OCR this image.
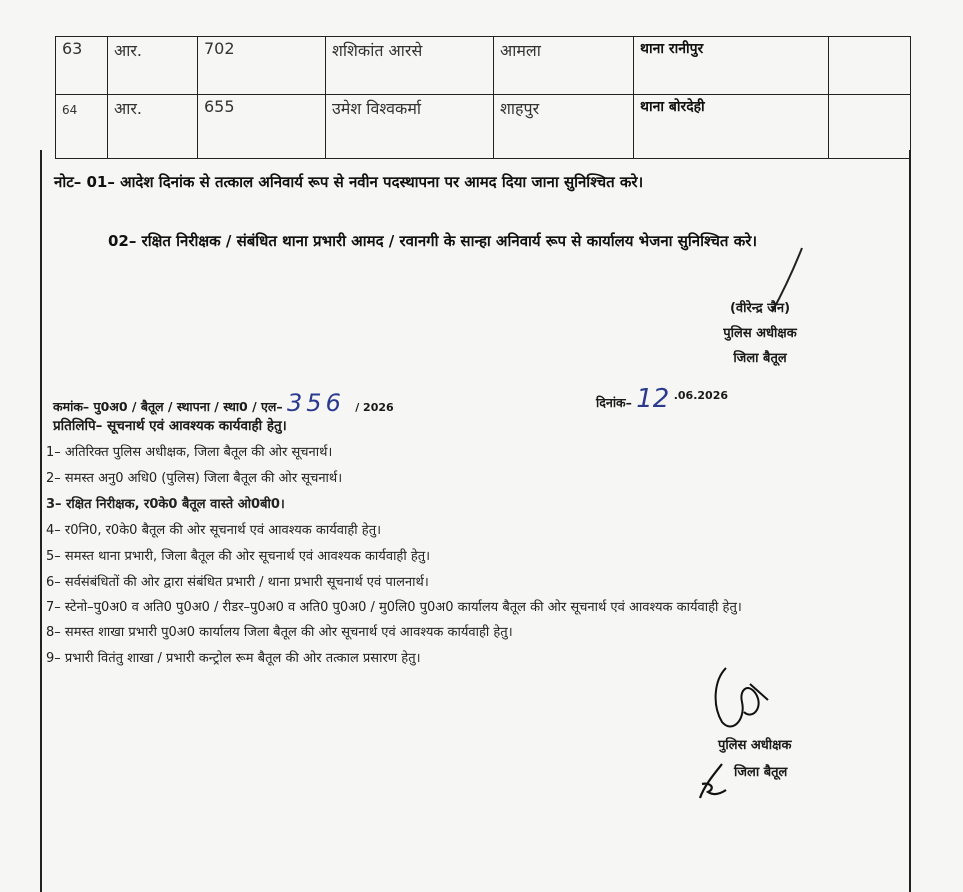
63	आर.	702	शशिकांत आरसे	आमला	थाना रानीपुर	
64	आर.	655	उमेश विश्वकर्मा	शाहपुर	थाना बोरदेही	
नोट– 01– आदेश दिनांक से तत्काल अनिवार्य रूप से नवीन पदस्थापना पर आमद दिया जाना सुनिश्चित करे।
02– रक्षित निरीक्षक / संबंधित थाना प्रभारी आमद / रवानगी के सान्हा अनिवार्य रूप से कार्यालय भेजना सुनिश्चित करे।
(वीरेन्द्र जैन)
पुलिस अधीक्षक
जिला बैतूल
कमांक– पु0अ0 / बैतूल / स्थापना / स्था0 / एल– 356 / 2026	दिनांक– 12 .06.2026
प्रतिलिपि– सूचनार्थ एवं आवश्यक कार्यवाही हेतु।
1– अतिरिक्त पुलिस अधीक्षक, जिला बैतूल की ओर सूचनार्थ।
2– समस्त अनु0 अधि0 (पुलिस) जिला बैतूल की ओर सूचनार्थ।
3– रक्षित निरीक्षक, र0के0 बैतूल वास्ते ओ0बी0।
4– र0नि0, र0के0 बैतूल की ओर सूचनार्थ एवं आवश्यक कार्यवाही हेतु।
5– समस्त थाना प्रभारी, जिला बैतूल की ओर सूचनार्थ एवं आवश्यक कार्यवाही हेतु।
6– सर्वसंबंधितों की ओर द्वारा संबंधित प्रभारी / थाना प्रभारी सूचनार्थ एवं पालनार्थ।
7– स्टेनो–पु0अ0 व अति0 पु0अ0 / रीडर–पु0अ0 व अति0 पु0अ0 / मु0लि0 पु0अ0 कार्यालय बैतूल की ओर सूचनार्थ एवं आवश्यक कार्यवाही हेतु।
8– समस्त शाखा प्रभारी पु0अ0 कार्यालय जिला बैतूल की ओर सूचनार्थ एवं आवश्यक कार्यवाही हेतु।
9– प्रभारी वितंतु शाखा / प्रभारी कन्ट्रोल रूम बैतूल की ओर तत्काल प्रसारण हेतु।
पुलिस अधीक्षक
जिला बैतूल
